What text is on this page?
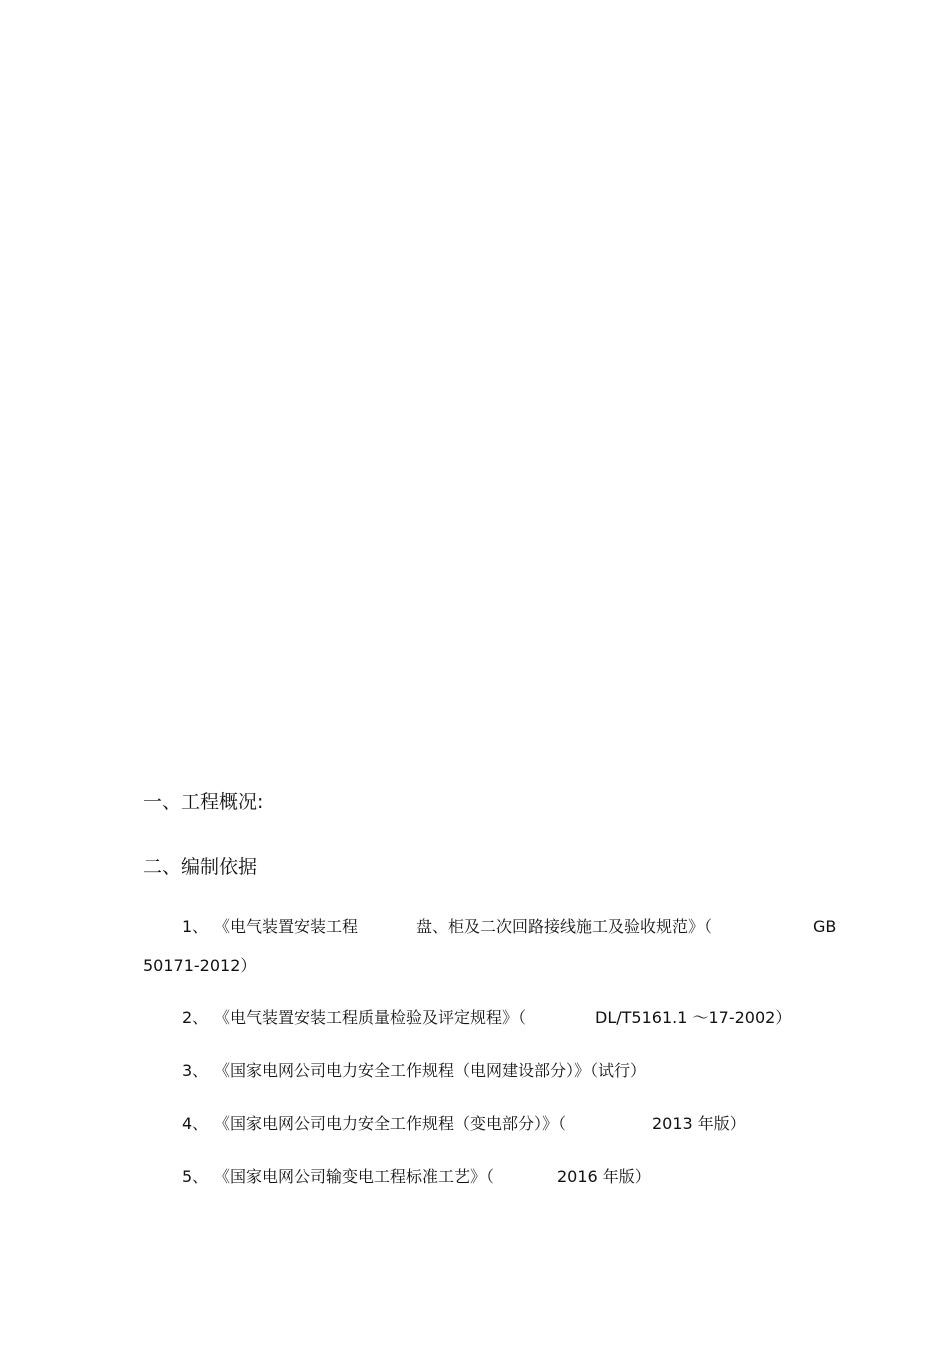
一、工程概况:
二、编制依据
1、 《电气装置安装工程	盘、柜及二次回路接线施工及验收规范》（	GB
50171-2012）
2、 《电气装置安装工程质量检验及评定规程》（	DL/T5161.1 ～17-2002）
3、 《国家电网公司电力安全工作规程（电网建设部分）》（试行）
4、 《国家电网公司电力安全工作规程（变电部分）》（	2013 年版）
5、 《国家电网公司输变电工程标准工艺》（	2016 年版）
